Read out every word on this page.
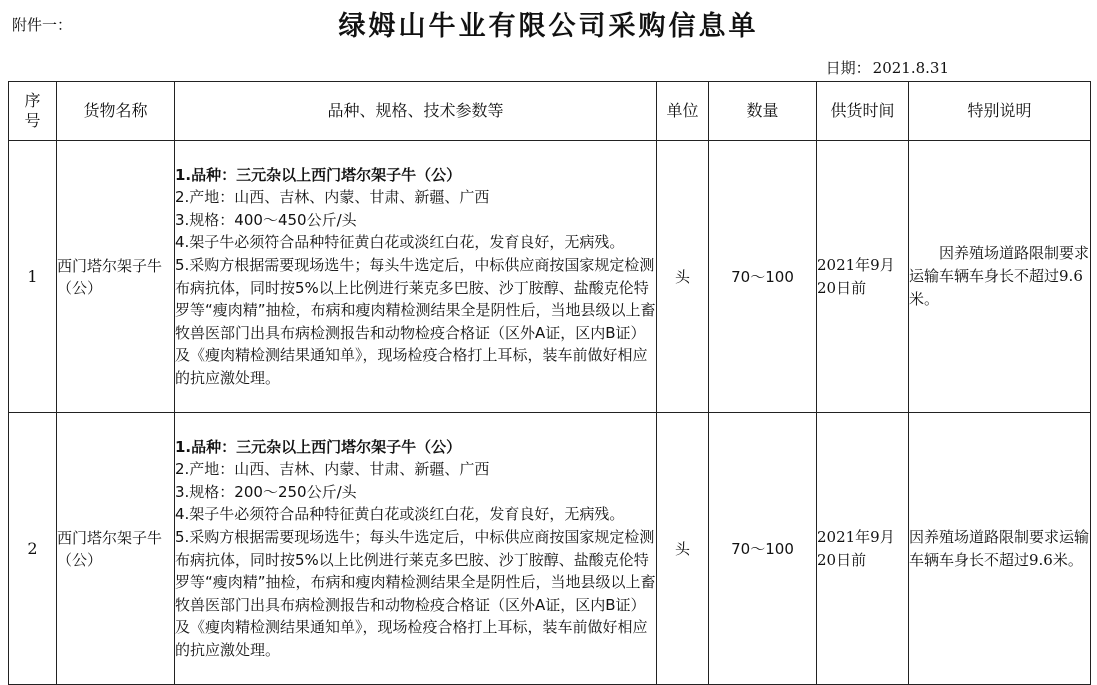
附件一：	绿姆山牛业有限公司采购信息单
日期： 2021.8.31
序号	货物名称	品种、规格、技术参数等	单位	数量	供货时间	特别说明
1	西门塔尔架子牛（公）	1.品种：三元杂以上西门塔尔架子牛（公）
2.产地：山西、吉林、内蒙、甘肃、新疆、广西
3.规格：400～450公斤/头
4.架子牛必须符合品种特征黄白花或淡红白花，发育良好，无病残。
5.采购方根据需要现场选牛；每头牛选定后，中标供应商按国家规定检测布病抗体，同时按5%以上比例进行莱克多巴胺、沙丁胺醇、盐酸克伦特罗等“瘦肉精”抽检，布病和瘦肉精检测结果全是阴性后，当地县级以上畜牧兽医部门出具布病检测报告和动物检疫合格证（区外A证，区内B证）及《瘦肉精检测结果通知单》，现场检疫合格打上耳标，装车前做好相应的抗应激处理。	头	70～100	2021年9月20日前	因养殖场道路限制要求运输车辆车身长不超过9.6米。
2	西门塔尔架子牛（公）	1.品种：三元杂以上西门塔尔架子牛（公）
2.产地：山西、吉林、内蒙、甘肃、新疆、广西
3.规格：200～250公斤/头
4.架子牛必须符合品种特征黄白花或淡红白花，发育良好，无病残。
5.采购方根据需要现场选牛；每头牛选定后，中标供应商按国家规定检测布病抗体，同时按5%以上比例进行莱克多巴胺、沙丁胺醇、盐酸克伦特罗等“瘦肉精”抽检，布病和瘦肉精检测结果全是阴性后，当地县级以上畜牧兽医部门出具布病检测报告和动物检疫合格证（区外A证，区内B证）及《瘦肉精检测结果通知单》，现场检疫合格打上耳标，装车前做好相应的抗应激处理。	头	70～100	2021年9月20日前	因养殖场道路限制要求运输车辆车身长不超过9.6米。
